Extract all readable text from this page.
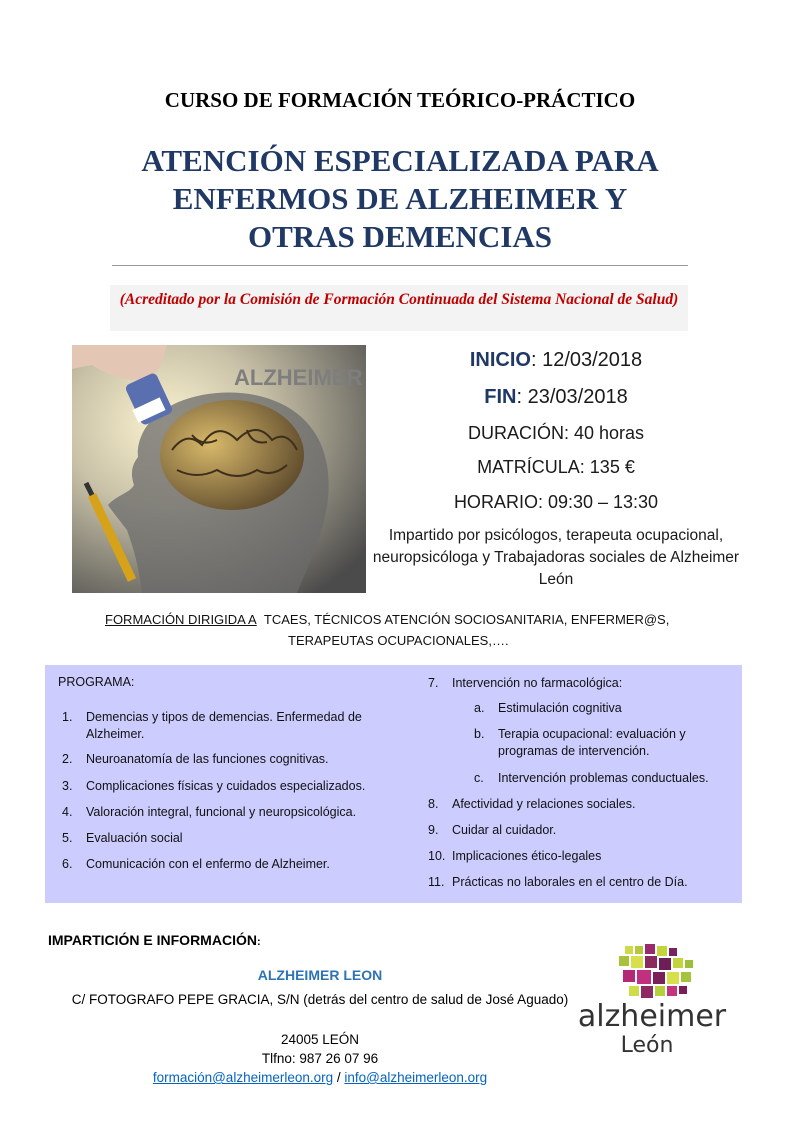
CURSO DE FORMACIÓN TEÓRICO-PRÁCTICO
ATENCIÓN ESPECIALIZADA PARA
ENFERMOS DE ALZHEIMER Y
OTRAS DEMENCIAS
(Acreditado por la Comisión de Formación Continuada del Sistema Nacional de Salud)
ALZHEIMER
INICIO: 12/03/2018
FIN: 23/03/2018
DURACIÓN: 40 horas
MATRÍCULA: 135 €
HORARIO: 09:30 – 13:30
Impartido por psicólogos, terapeuta ocupacional, neuropsicóloga y Trabajadoras sociales de Alzheimer León
FORMACIÓN DIRIGIDA A TCAES, TÉCNICOS ATENCIÓN SOCIOSANITARIA, ENFERMER@S,
TERAPEUTAS OCUPACIONALES,….
PROGRAMA:
1.	Demencias y tipos de demencias. Enfermedad de Alzheimer.
2.	Neuroanatomía de las funciones cognitivas.
3.	Complicaciones físicas y cuidados especializados.
4.	Valoración integral, funcional y neuropsicológica.
5.	Evaluación social
6.	Comunicación con el enfermo de Alzheimer.
7.	Intervención no farmacológica:
a.	Estimulación cognitiva
b.	Terapia ocupacional: evaluación y programas de intervención.
c.	Intervención problemas conductuales.
8.	Afectividad y relaciones sociales.
9.	Cuidar al cuidador.
10. Implicaciones ético-legales
11. Prácticas no laborales en el centro de Día.
IMPARTICIÓN E INFORMACIÓN:
ALZHEIMER LEON
C/ FOTOGRAFO PEPE GRACIA, S/N (detrás del centro de salud de José Aguado)
24005 LEÓN
Tlfno: 987 26 07 96
formación@alzheimerleon.org / info@alzheimerleon.org
alzheimer
León
